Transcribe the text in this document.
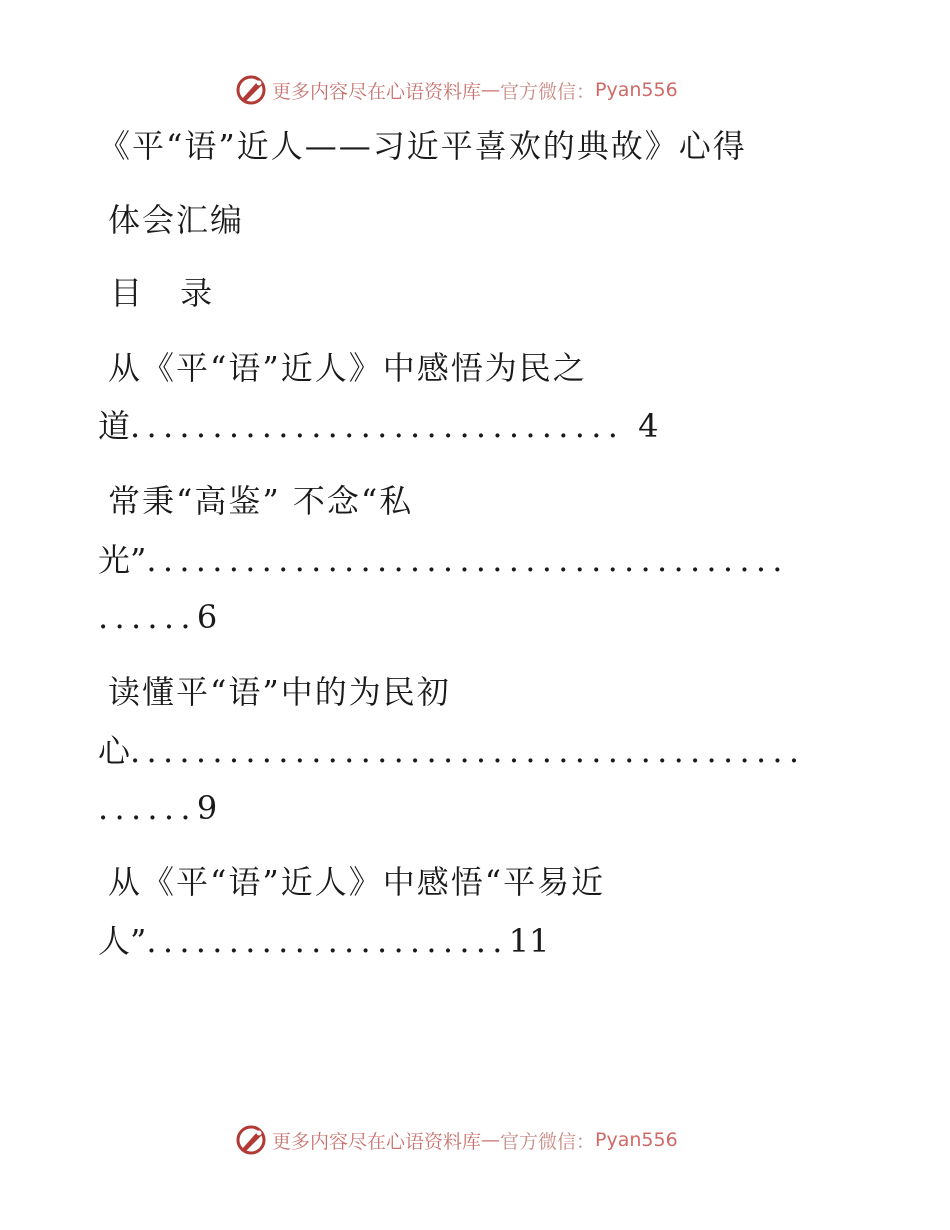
更多内容尽在心语资料库 — 官方微信： Pyan556
《平“语”近人——习近平喜欢的典故》心得
体会汇编
目 录
从《平“语”近人》中感悟为民之
道.............................. 4
常秉“高鉴” 不念“私
光”.......................................
......6
读懂平“语”中的为民初
心.........................................
......9
从《平“语”近人》中感悟“平易近
人”......................11
更多内容尽在心语资料库 — 官方微信： Pyan556
